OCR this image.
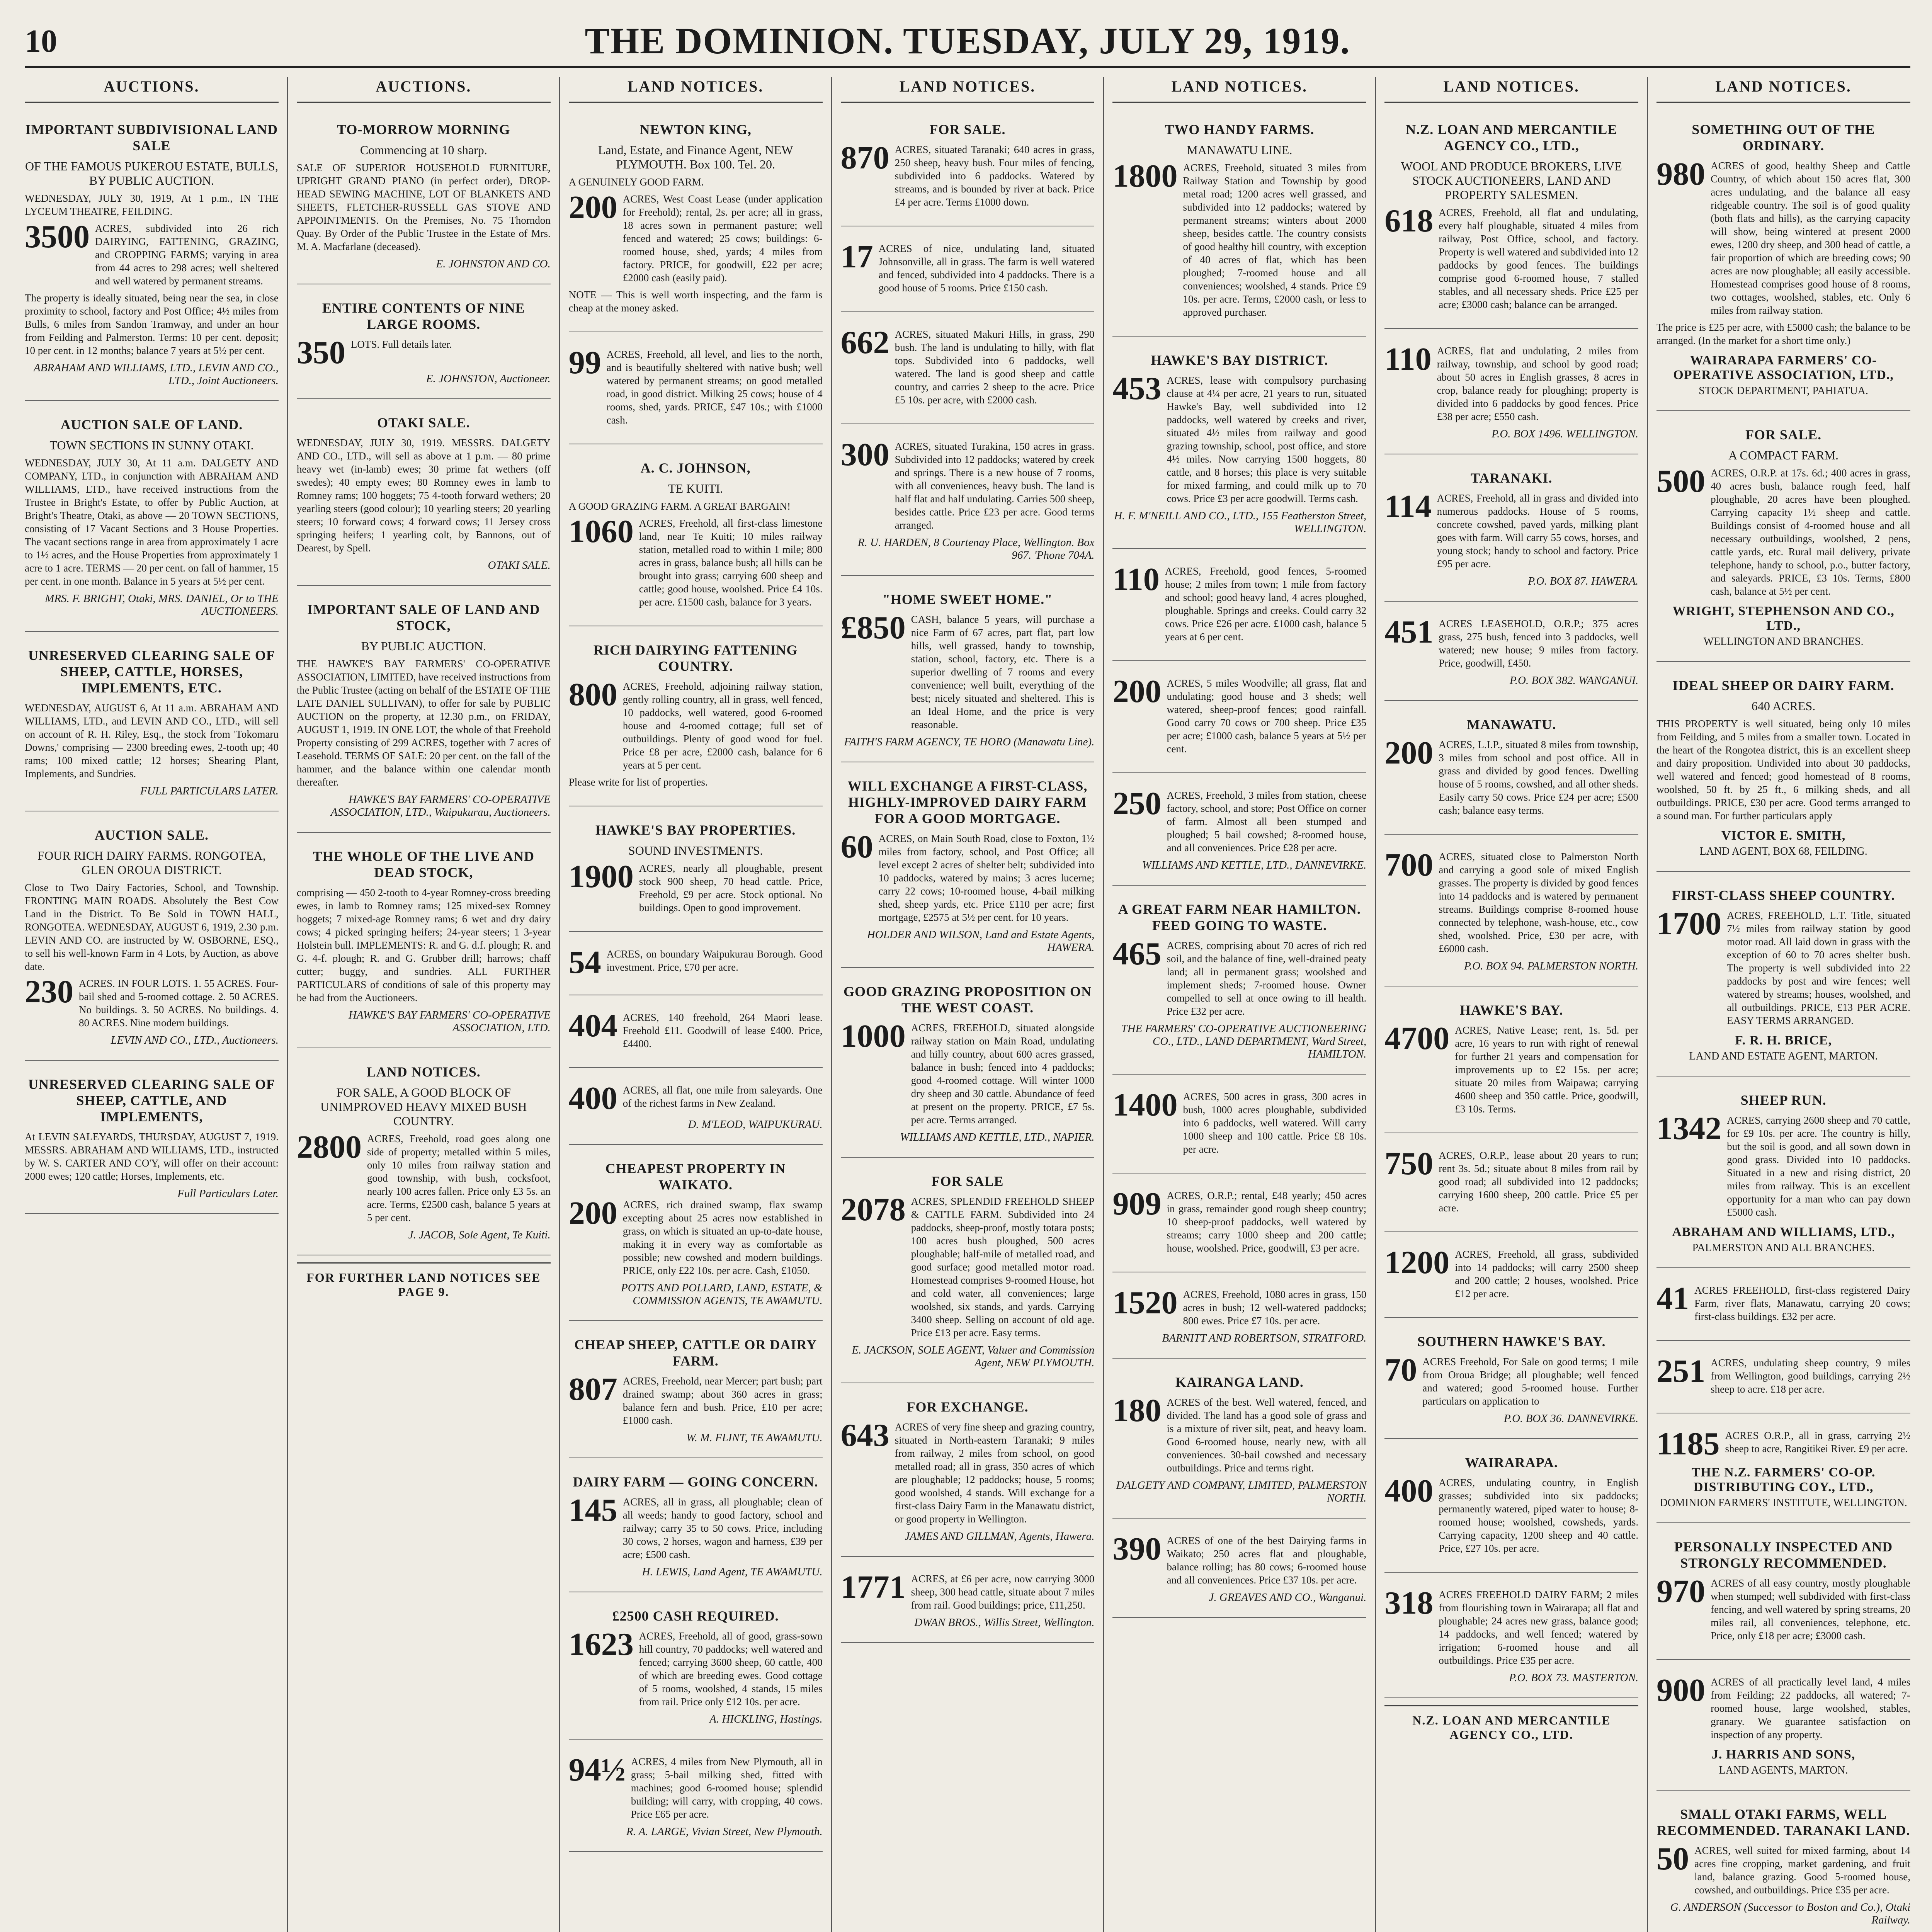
10	THE DOMINION. TUESDAY, JULY 29, 1919.
AUCTIONS.
IMPORTANT SUBDIVISIONAL LAND SALE
OF THE FAMOUS PUKEROU ESTATE, BULLS, BY PUBLIC AUCTION.
WEDNESDAY, JULY 30, 1919, At 1 p.m., IN THE LYCEUM THEATRE, FEILDING.
3500 ACRES, subdivided into 26 rich DAIRYING, FATTENING, GRAZING, and CROPPING FARMS; varying in area from 44 acres to 298 acres; well sheltered and well watered by permanent streams.
The property is ideally situated, being near the sea, in close proximity to school, factory and Post Office; 4½ miles from Bulls, 6 miles from Sandon Tramway, and under an hour from Feilding and Palmerston. Terms: 10 per cent. deposit; 10 per cent. in 12 months; balance 7 years at 5½ per cent.
ABRAHAM AND WILLIAMS, LTD., LEVIN AND CO., LTD., Joint Auctioneers.
AUCTION SALE OF LAND.
TOWN SECTIONS IN SUNNY OTAKI.
WEDNESDAY, JULY 30, At 11 a.m. DALGETY AND COMPANY, LTD., in conjunction with ABRAHAM AND WILLIAMS, LTD., have received instructions from the Trustee in Bright's Estate, to offer by Public Auction, at Bright's Theatre, Otaki, as above — 20 TOWN SECTIONS, consisting of 17 Vacant Sections and 3 House Properties. The vacant sections range in area from approximately 1 acre to 1½ acres, and the House Properties from approximately 1 acre to 1 acre. TERMS — 20 per cent. on fall of hammer, 15 per cent. in one month. Balance in 5 years at 5½ per cent.
MRS. F. BRIGHT, Otaki, MRS. DANIEL, Or to THE AUCTIONEERS.
UNRESERVED CLEARING SALE OF SHEEP, CATTLE, HORSES, IMPLEMENTS, ETC.
WEDNESDAY, AUGUST 6, At 11 a.m. ABRAHAM AND WILLIAMS, LTD., and LEVIN AND CO., LTD., will sell on account of R. H. Riley, Esq., the stock from 'Tokomaru Downs,' comprising — 2300 breeding ewes, 2-tooth up; 40 rams; 100 mixed cattle; 12 horses; Shearing Plant, Implements, and Sundries.
FULL PARTICULARS LATER.
AUCTION SALE.
FOUR RICH DAIRY FARMS. RONGOTEA, GLEN OROUA DISTRICT.
Close to Two Dairy Factories, School, and Township. FRONTING MAIN ROADS. Absolutely the Best Cow Land in the District. To Be Sold in TOWN HALL, RONGOTEA. WEDNESDAY, AUGUST 6, 1919, 2.30 p.m. LEVIN AND CO. are instructed by W. OSBORNE, ESQ., to sell his well-known Farm in 4 Lots, by Auction, as above date.
230 ACRES. IN FOUR LOTS. 1. 55 ACRES. Four-bail shed and 5-roomed cottage. 2. 50 ACRES. No buildings. 3. 50 ACRES. No buildings. 4. 80 ACRES. Nine modern buildings.
LEVIN AND CO., LTD., Auctioneers.
UNRESERVED CLEARING SALE OF SHEEP, CATTLE, AND IMPLEMENTS,
At LEVIN SALEYARDS, THURSDAY, AUGUST 7, 1919. MESSRS. ABRAHAM AND WILLIAMS, LTD., instructed by W. S. CARTER AND CO'Y, will offer on their account: 2000 ewes; 120 cattle; Horses, Implements, etc.
Full Particulars Later.
AUCTIONS.
TO-MORROW MORNING
Commencing at 10 sharp.
SALE OF SUPERIOR HOUSEHOLD FURNITURE, UPRIGHT GRAND PIANO (in perfect order), DROP-HEAD SEWING MACHINE, LOT OF BLANKETS AND SHEETS, FLETCHER-RUSSELL GAS STOVE AND APPOINTMENTS. On the Premises, No. 75 Thorndon Quay. By Order of the Public Trustee in the Estate of Mrs. M. A. Macfarlane (deceased).
E. JOHNSTON AND CO.
ENTIRE CONTENTS OF NINE LARGE ROOMS.
350 LOTS. Full details later.
E. JOHNSTON, Auctioneer.
OTAKI SALE.
WEDNESDAY, JULY 30, 1919. MESSRS. DALGETY AND CO., LTD., will sell as above at 1 p.m. — 80 prime heavy wet (in-lamb) ewes; 30 prime fat wethers (off swedes); 40 empty ewes; 80 Romney ewes in lamb to Romney rams; 100 hoggets; 75 4-tooth forward wethers; 20 yearling steers (good colour); 10 yearling steers; 20 yearling steers; 10 forward cows; 4 forward cows; 11 Jersey cross springing heifers; 1 yearling colt, by Bannons, out of Dearest, by Spell.
OTAKI SALE.
IMPORTANT SALE OF LAND AND STOCK,
BY PUBLIC AUCTION.
THE HAWKE'S BAY FARMERS' CO-OPERATIVE ASSOCIATION, LIMITED, have received instructions from the Public Trustee (acting on behalf of the ESTATE OF THE LATE DANIEL SULLIVAN), to offer for sale by PUBLIC AUCTION on the property, at 12.30 p.m., on FRIDAY, AUGUST 1, 1919. IN ONE LOT, the whole of that Freehold Property consisting of 299 ACRES, together with 7 acres of Leasehold. TERMS OF SALE: 20 per cent. on the fall of the hammer, and the balance within one calendar month thereafter.
HAWKE'S BAY FARMERS' CO-OPERATIVE ASSOCIATION, LTD., Waipukurau, Auctioneers.
THE WHOLE OF THE LIVE AND DEAD STOCK,
comprising — 450 2-tooth to 4-year Romney-cross breeding ewes, in lamb to Romney rams; 125 mixed-sex Romney hoggets; 7 mixed-age Romney rams; 6 wet and dry dairy cows; 4 picked springing heifers; 24-year steers; 1 3-year Holstein bull. IMPLEMENTS: R. and G. d.f. plough; R. and G. 4-f. plough; R. and G. Grubber drill; harrows; chaff cutter; buggy, and sundries. ALL FURTHER PARTICULARS of conditions of sale of this property may be had from the Auctioneers.
HAWKE'S BAY FARMERS' CO-OPERATIVE ASSOCIATION, LTD.
LAND NOTICES.
FOR SALE, A GOOD BLOCK OF UNIMPROVED HEAVY MIXED BUSH COUNTRY.
2800 ACRES, Freehold, road goes along one side of property; metalled within 5 miles, only 10 miles from railway station and good township, with bush, cocksfoot, nearly 100 acres fallen. Price only £3 5s. an acre. Terms, £2500 cash, balance 5 years at 5 per cent.
J. JACOB, Sole Agent, Te Kuiti.
FOR FURTHER LAND NOTICES SEE PAGE 9.
LAND NOTICES.
NEWTON KING,
Land, Estate, and Finance Agent, NEW PLYMOUTH. Box 100. Tel. 20.
A GENUINELY GOOD FARM.
200 ACRES, West Coast Lease (under application for Freehold); rental, 2s. per acre; all in grass, 18 acres sown in permanent pasture; well fenced and watered; 25 cows; buildings: 6-roomed house, shed, yards; 4 miles from factory. PRICE, for goodwill, £22 per acre; £2000 cash (easily paid).
NOTE — This is well worth inspecting, and the farm is cheap at the money asked.
99 ACRES, Freehold, all level, and lies to the north, and is beautifully sheltered with native bush; well watered by permanent streams; on good metalled road, in good district. Milking 25 cows; house of 4 rooms, shed, yards. PRICE, £47 10s.; with £1000 cash.
A. C. JOHNSON,
TE KUITI.
A GOOD GRAZING FARM. A GREAT BARGAIN!
1060 ACRES, Freehold, all first-class limestone land, near Te Kuiti; 10 miles railway station, metalled road to within 1 mile; 800 acres in grass, balance bush; all hills can be brought into grass; carrying 600 sheep and cattle; good house, woolshed. Price £4 10s. per acre. £1500 cash, balance for 3 years.
RICH DAIRYING FATTENING COUNTRY.
800 ACRES, Freehold, adjoining railway station, gently rolling country, all in grass, well fenced, 10 paddocks, well watered, good 6-roomed house and 4-roomed cottage; full set of outbuildings. Plenty of good wood for fuel. Price £8 per acre, £2000 cash, balance for 6 years at 5 per cent.
Please write for list of properties.
HAWKE'S BAY PROPERTIES.
SOUND INVESTMENTS.
1900 ACRES, nearly all ploughable, present stock 900 sheep, 70 head cattle. Price, Freehold, £9 per acre. Stock optional. No buildings. Open to good improvement.
54 ACRES, on boundary Waipukurau Borough. Good investment. Price, £70 per acre.
404 ACRES, 140 freehold, 264 Maori lease. Freehold £11. Goodwill of lease £400. Price, £4400.
400 ACRES, all flat, one mile from saleyards. One of the richest farms in New Zealand.
D. M'LEOD, WAIPUKURAU.
CHEAPEST PROPERTY IN WAIKATO.
200 ACRES, rich drained swamp, flax swamp excepting about 25 acres now established in grass, on which is situated an up-to-date house, making it in every way as comfortable as possible; new cowshed and modern buildings. PRICE, only £22 10s. per acre. Cash, £1050.
POTTS AND POLLARD, LAND, ESTATE, & COMMISSION AGENTS, TE AWAMUTU.
CHEAP SHEEP, CATTLE OR DAIRY FARM.
807 ACRES, Freehold, near Mercer; part bush; part drained swamp; about 360 acres in grass; balance fern and bush. Price, £10 per acre; £1000 cash.
W. M. FLINT, TE AWAMUTU.
DAIRY FARM — GOING CONCERN.
145 ACRES, all in grass, all ploughable; clean of all weeds; handy to good factory, school and railway; carry 35 to 50 cows. Price, including 30 cows, 2 horses, wagon and harness, £39 per acre; £500 cash.
H. LEWIS, Land Agent, TE AWAMUTU.
£2500 CASH REQUIRED.
1623 ACRES, Freehold, all of good, grass-sown hill country, 70 paddocks; well watered and fenced; carrying 3600 sheep, 60 cattle, 400 of which are breeding ewes. Good cottage of 5 rooms, woolshed, 4 stands, 15 miles from rail. Price only £12 10s. per acre.
A. HICKLING, Hastings.
94½ ACRES, 4 miles from New Plymouth, all in grass; 5-bail milking shed, fitted with machines; good 6-roomed house; splendid building; will carry, with cropping, 40 cows. Price £65 per acre.
R. A. LARGE, Vivian Street, New Plymouth.
LAND NOTICES.
FOR SALE.
870 ACRES, situated Taranaki; 640 acres in grass, 250 sheep, heavy bush. Four miles of fencing, subdivided into 6 paddocks. Watered by streams, and is bounded by river at back. Price £4 per acre. Terms £1000 down.
17 ACRES of nice, undulating land, situated Johnsonville, all in grass. The farm is well watered and fenced, subdivided into 4 paddocks. There is a good house of 5 rooms. Price £150 cash.
662 ACRES, situated Makuri Hills, in grass, 290 bush. The land is undulating to hilly, with flat tops. Subdivided into 6 paddocks, well watered. The land is good sheep and cattle country, and carries 2 sheep to the acre. Price £5 10s. per acre, with £2000 cash.
300 ACRES, situated Turakina, 150 acres in grass. Subdivided into 12 paddocks; watered by creek and springs. There is a new house of 7 rooms, with all conveniences, heavy bush. The land is half flat and half undulating. Carries 500 sheep, besides cattle. Price £23 per acre. Good terms arranged.
R. U. HARDEN, 8 Courtenay Place, Wellington. Box 967. 'Phone 704A.
"HOME SWEET HOME."
£850 CASH, balance 5 years, will purchase a nice Farm of 67 acres, part flat, part low hills, well grassed, handy to township, station, school, factory, etc. There is a superior dwelling of 7 rooms and every convenience; well built, everything of the best; nicely situated and sheltered. This is an Ideal Home, and the price is very reasonable.
FAITH'S FARM AGENCY, TE HORO (Manawatu Line).
WILL EXCHANGE A FIRST-CLASS, HIGHLY-IMPROVED DAIRY FARM FOR A GOOD MORTGAGE.
60 ACRES, on Main South Road, close to Foxton, 1½ miles from factory, school, and Post Office; all level except 2 acres of shelter belt; subdivided into 10 paddocks, watered by mains; 3 acres lucerne; carry 22 cows; 10-roomed house, 4-bail milking shed, sheep yards, etc. Price £110 per acre; first mortgage, £2575 at 5½ per cent. for 10 years.
HOLDER AND WILSON, Land and Estate Agents, HAWERA.
GOOD GRAZING PROPOSITION ON THE WEST COAST.
1000 ACRES, FREEHOLD, situated alongside railway station on Main Road, undulating and hilly country, about 600 acres grassed, balance in bush; fenced into 4 paddocks; good 4-roomed cottage. Will winter 1000 dry sheep and 30 cattle. Abundance of feed at present on the property. PRICE, £7 5s. per acre. Terms arranged.
WILLIAMS AND KETTLE, LTD., NAPIER.
FOR SALE
2078 ACRES, SPLENDID FREEHOLD SHEEP & CATTLE FARM. Subdivided into 24 paddocks, sheep-proof, mostly totara posts; 100 acres bush ploughed, 500 acres ploughable; half-mile of metalled road, and good surface; good metalled motor road. Homestead comprises 9-roomed House, hot and cold water, all conveniences; large woolshed, six stands, and yards. Carrying 3400 sheep. Selling on account of old age. Price £13 per acre. Easy terms.
E. JACKSON, SOLE AGENT, Valuer and Commission Agent, NEW PLYMOUTH.
FOR EXCHANGE.
643 ACRES of very fine sheep and grazing country, situated in North-eastern Taranaki; 9 miles from railway, 2 miles from school, on good metalled road; all in grass, 350 acres of which are ploughable; 12 paddocks; house, 5 rooms; good woolshed, 4 stands. Will exchange for a first-class Dairy Farm in the Manawatu district, or good property in Wellington.
JAMES AND GILLMAN, Agents, Hawera.
1771 ACRES, at £6 per acre, now carrying 3000 sheep, 300 head cattle, situate about 7 miles from rail. Good buildings; price, £11,250.
DWAN BROS., Willis Street, Wellington.
LAND NOTICES.
TWO HANDY FARMS.
MANAWATU LINE.
1800 ACRES, Freehold, situated 3 miles from Railway Station and Township by good metal road; 1200 acres well grassed, and subdivided into 12 paddocks; watered by permanent streams; winters about 2000 sheep, besides cattle. The country consists of good healthy hill country, with exception of 40 acres of flat, which has been ploughed; 7-roomed house and all conveniences; woolshed, 4 stands. Price £9 10s. per acre. Terms, £2000 cash, or less to approved purchaser.
HAWKE'S BAY DISTRICT.
453 ACRES, lease with compulsory purchasing clause at 4¼ per acre, 21 years to run, situated Hawke's Bay, well subdivided into 12 paddocks, well watered by creeks and river, situated 4½ miles from railway and good grazing township, school, post office, and store 4½ miles. Now carrying 1500 hoggets, 80 cattle, and 8 horses; this place is very suitable for mixed farming, and could milk up to 70 cows. Price £3 per acre goodwill. Terms cash.
H. F. M'NEILL AND CO., LTD., 155 Featherston Street, WELLINGTON.
110 ACRES, Freehold, good fences, 5-roomed house; 2 miles from town; 1 mile from factory and school; good heavy land, 4 acres ploughed, ploughable. Springs and creeks. Could carry 32 cows. Price £26 per acre. £1000 cash, balance 5 years at 6 per cent.
200 ACRES, 5 miles Woodville; all grass, flat and undulating; good house and 3 sheds; well watered, sheep-proof fences; good rainfall. Good carry 70 cows or 700 sheep. Price £35 per acre; £1000 cash, balance 5 years at 5½ per cent.
250 ACRES, Freehold, 3 miles from station, cheese factory, school, and store; Post Office on corner of farm. Almost all been stumped and ploughed; 5 bail cowshed; 8-roomed house, and all conveniences. Price £28 per acre.
WILLIAMS AND KETTLE, LTD., DANNEVIRKE.
A GREAT FARM NEAR HAMILTON. FEED GOING TO WASTE.
465 ACRES, comprising about 70 acres of rich red soil, and the balance of fine, well-drained peaty land; all in permanent grass; woolshed and implement sheds; 7-roomed house. Owner compelled to sell at once owing to ill health. Price £32 per acre.
THE FARMERS' CO-OPERATIVE AUCTIONEERING CO., LTD., LAND DEPARTMENT, Ward Street, HAMILTON.
1400 ACRES, 500 acres in grass, 300 acres in bush, 1000 acres ploughable, subdivided into 6 paddocks, well watered. Will carry 1000 sheep and 100 cattle. Price £8 10s. per acre.
909 ACRES, O.R.P.; rental, £48 yearly; 450 acres in grass, remainder good rough sheep country; 10 sheep-proof paddocks, well watered by streams; carry 1000 sheep and 200 cattle; house, woolshed. Price, goodwill, £3 per acre.
1520 ACRES, Freehold, 1080 acres in grass, 150 acres in bush; 12 well-watered paddocks; 800 ewes. Price £7 10s. per acre.
BARNITT AND ROBERTSON, STRATFORD.
KAIRANGA LAND.
180 ACRES of the best. Well watered, fenced, and divided. The land has a good sole of grass and is a mixture of river silt, peat, and heavy loam. Good 6-roomed house, nearly new, with all conveniences. 30-bail cowshed and necessary outbuildings. Price and terms right.
DALGETY AND COMPANY, LIMITED, PALMERSTON NORTH.
390 ACRES of one of the best Dairying farms in Waikato; 250 acres flat and ploughable, balance rolling; has 80 cows; 6-roomed house and all conveniences. Price £37 10s. per acre.
J. GREAVES AND CO., Wanganui.
LAND NOTICES.
N.Z. LOAN AND MERCANTILE AGENCY CO., LTD.,
WOOL AND PRODUCE BROKERS, LIVE STOCK AUCTIONEERS, LAND AND PROPERTY SALESMEN.
618 ACRES, Freehold, all flat and undulating, every half ploughable, situated 4 miles from railway, Post Office, school, and factory. Property is well watered and subdivided into 12 paddocks by good fences. The buildings comprise good 6-roomed house, 7 stalled stables, and all necessary sheds. Price £25 per acre; £3000 cash; balance can be arranged.
110 ACRES, flat and undulating, 2 miles from railway, township, and school by good road; about 50 acres in English grasses, 8 acres in crop, balance ready for ploughing; property is divided into 6 paddocks by good fences. Price £38 per acre; £550 cash.
P.O. BOX 1496. WELLINGTON.
TARANAKI.
114 ACRES, Freehold, all in grass and divided into numerous paddocks. House of 5 rooms, concrete cowshed, paved yards, milking plant goes with farm. Will carry 55 cows, horses, and young stock; handy to school and factory. Price £95 per acre.
P.O. BOX 87. HAWERA.
451 ACRES LEASEHOLD, O.R.P.; 375 acres grass, 275 bush, fenced into 3 paddocks, well watered; new house; 9 miles from factory. Price, goodwill, £450.
P.O. BOX 382. WANGANUI.
MANAWATU.
200 ACRES, L.I.P., situated 8 miles from township, 3 miles from school and post office. All in grass and divided by good fences. Dwelling house of 5 rooms, cowshed, and all other sheds. Easily carry 50 cows. Price £24 per acre; £500 cash; balance easy terms.
700 ACRES, situated close to Palmerston North and carrying a good sole of mixed English grasses. The property is divided by good fences into 14 paddocks and is watered by permanent streams. Buildings comprise 8-roomed house connected by telephone, wash-house, etc., cow shed, woolshed. Price, £30 per acre, with £6000 cash.
P.O. BOX 94. PALMERSTON NORTH.
HAWKE'S BAY.
4700 ACRES, Native Lease; rent, 1s. 5d. per acre, 16 years to run with right of renewal for further 21 years and compensation for improvements up to £2 15s. per acre; situate 20 miles from Waipawa; carrying 4600 sheep and 350 cattle. Price, goodwill, £3 10s. Terms.
750 ACRES, O.R.P., lease about 20 years to run; rent 3s. 5d.; situate about 8 miles from rail by good road; all subdivided into 12 paddocks; carrying 1600 sheep, 200 cattle. Price £5 per acre.
1200 ACRES, Freehold, all grass, subdivided into 14 paddocks; will carry 2500 sheep and 200 cattle; 2 houses, woolshed. Price £12 per acre.
SOUTHERN HAWKE'S BAY.
70 ACRES Freehold, For Sale on good terms; 1 mile from Oroua Bridge; all ploughable; well fenced and watered; good 5-roomed house. Further particulars on application to
P.O. BOX 36. DANNEVIRKE.
WAIRARAPA.
400 ACRES, undulating country, in English grasses; subdivided into six paddocks; permanently watered, piped water to house; 8-roomed house; woolshed, cowsheds, yards. Carrying capacity, 1200 sheep and 40 cattle. Price, £27 10s. per acre.
318 ACRES FREEHOLD DAIRY FARM; 2 miles from flourishing town in Wairarapa; all flat and ploughable; 24 acres new grass, balance good; 14 paddocks, and well fenced; watered by irrigation; 6-roomed house and all outbuildings. Price £35 per acre.
P.O. BOX 73. MASTERTON.
N.Z. LOAN AND MERCANTILE AGENCY CO., LTD.
LAND NOTICES.
SOMETHING OUT OF THE ORDINARY.
980 ACRES of good, healthy Sheep and Cattle Country, of which about 150 acres flat, 300 acres undulating, and the balance all easy ridgeable country. The soil is of good quality (both flats and hills), as the carrying capacity will show, being wintered at present 2000 ewes, 1200 dry sheep, and 300 head of cattle, a fair proportion of which are breeding cows; 90 acres are now ploughable; all easily accessible. Homestead comprises good house of 8 rooms, two cottages, woolshed, stables, etc. Only 6 miles from railway station.
The price is £25 per acre, with £5000 cash; the balance to be arranged. (In the market for a short time only.)
WAIRARAPA FARMERS' CO-OPERATIVE ASSOCIATION, LTD.,
STOCK DEPARTMENT, PAHIATUA.
FOR SALE.
A COMPACT FARM.
500 ACRES, O.R.P. at 17s. 6d.; 400 acres in grass, 40 acres bush, balance rough feed, half ploughable, 20 acres have been ploughed. Carrying capacity 1½ sheep and cattle. Buildings consist of 4-roomed house and all necessary outbuildings, woolshed, 2 pens, cattle yards, etc. Rural mail delivery, private telephone, handy to school, p.o., butter factory, and saleyards. PRICE, £3 10s. Terms, £800 cash, balance at 5½ per cent.
WRIGHT, STEPHENSON AND CO., LTD.,
WELLINGTON AND BRANCHES.
IDEAL SHEEP OR DAIRY FARM.
640 ACRES.
THIS PROPERTY is well situated, being only 10 miles from Feilding, and 5 miles from a smaller town. Located in the heart of the Rongotea district, this is an excellent sheep and dairy proposition. Undivided into about 30 paddocks, well watered and fenced; good homestead of 8 rooms, woolshed, 50 ft. by 25 ft., 6 milking sheds, and all outbuildings. PRICE, £30 per acre. Good terms arranged to a sound man. For further particulars apply
VICTOR E. SMITH,
LAND AGENT, BOX 68, FEILDING.
FIRST-CLASS SHEEP COUNTRY.
1700 ACRES, FREEHOLD, L.T. Title, situated 7½ miles from railway station by good motor road. All laid down in grass with the exception of 60 to 70 acres shelter bush. The property is well subdivided into 22 paddocks by post and wire fences; well watered by streams; houses, woolshed, and all outbuildings. PRICE, £13 PER ACRE. EASY TERMS ARRANGED.
F. R. H. BRICE,
LAND AND ESTATE AGENT, MARTON.
SHEEP RUN.
1342 ACRES, carrying 2600 sheep and 70 cattle, for £9 10s. per acre. The country is hilly, but the soil is good, and all sown down in good grass. Divided into 10 paddocks. Situated in a new and rising district, 20 miles from railway. This is an excellent opportunity for a man who can pay down £5000 cash.
ABRAHAM AND WILLIAMS, LTD.,
PALMERSTON AND ALL BRANCHES.
41 ACRES FREEHOLD, first-class registered Dairy Farm, river flats, Manawatu, carrying 20 cows; first-class buildings. £32 per acre.
251 ACRES, undulating sheep country, 9 miles from Wellington, good buildings, carrying 2½ sheep to acre. £18 per acre.
1185 ACRES O.R.P., all in grass, carrying 2½ sheep to acre, Rangitikei River. £9 per acre.
THE N.Z. FARMERS' CO-OP. DISTRIBUTING COY., LTD.,
DOMINION FARMERS' INSTITUTE, WELLINGTON.
PERSONALLY INSPECTED AND STRONGLY RECOMMENDED.
970 ACRES of all easy country, mostly ploughable when stumped; well subdivided with first-class fencing, and well watered by spring streams, 20 miles rail, all conveniences, telephone, etc. Price, only £18 per acre; £3000 cash.
900 ACRES of all practically level land, 4 miles from Feilding; 22 paddocks, all watered; 7-roomed house, large woolshed, stables, granary. We guarantee satisfaction on inspection of any property.
J. HARRIS AND SONS,
LAND AGENTS, MARTON.
SMALL OTAKI FARMS, WELL RECOMMENDED. TARANAKI LAND.
50 ACRES, well suited for mixed farming, about 14 acres fine cropping, market gardening, and fruit land, balance grazing. Good 5-roomed house, cowshed, and outbuildings. Price £35 per acre.
G. ANDERSON (Successor to Boston and Co.), Otaki Railway.
